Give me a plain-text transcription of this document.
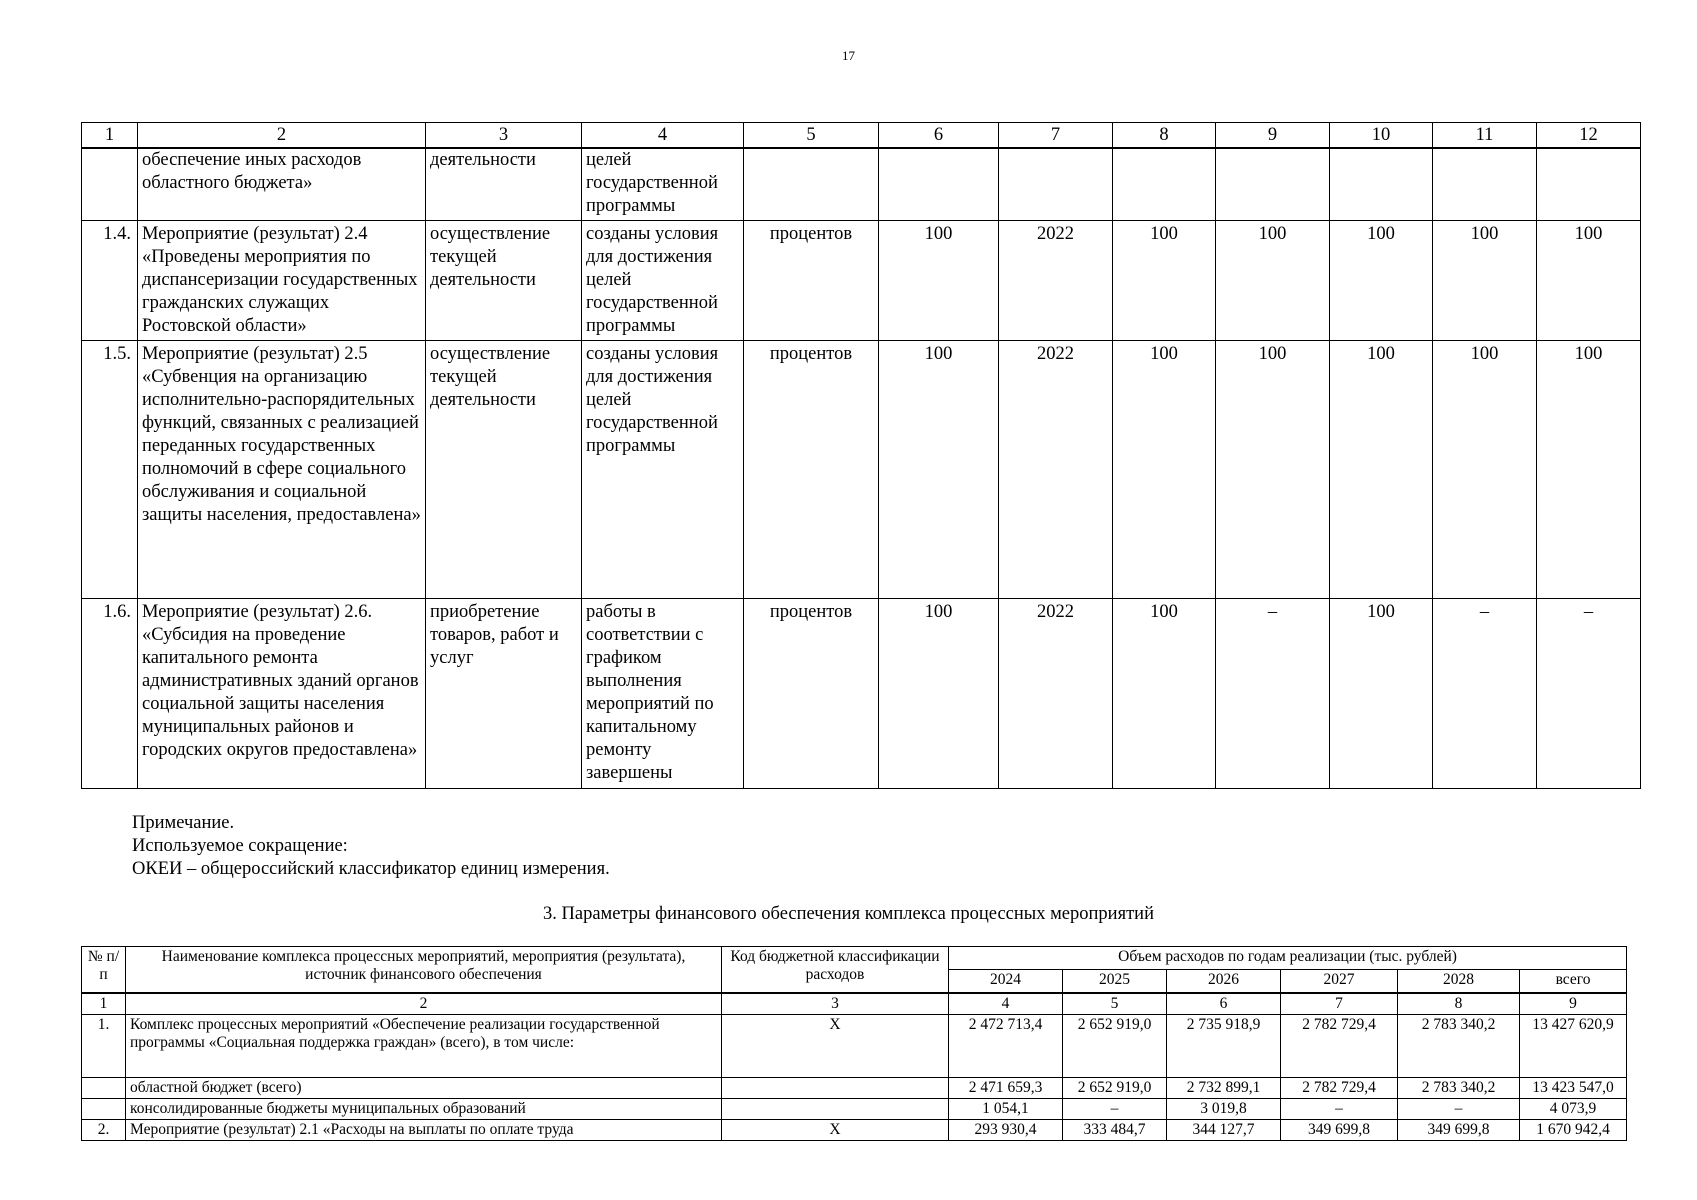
17
1	2	3	4	5	6	7	8	9	10	11	12
	обеспечение иных расходов областного бюджета»	деятельности	целей государственной программы								
1.4.	Мероприятие (результат) 2.4 «Проведены мероприятия по диспансеризации государственных гражданских служащих Ростовской области»	осуществление текущей деятельности	созданы условия для достижения целей государственной программы	процентов	100	2022	100	100	100	100	100
1.5.	Мероприятие (результат) 2.5 «Субвенция на организацию исполнительно-распорядительных функций, связанных с реализацией переданных государственных полномочий в сфере социального обслуживания и социальной защиты населения, предоставлена»	осуществление текущей деятельности	созданы условия для достижения целей государственной программы	процентов	100	2022	100	100	100	100	100
1.6.	Мероприятие (результат) 2.6. «Субсидия на проведение капитального ремонта административных зданий органов социальной защиты населения муниципальных районов и городских округов предоставлена»	приобретение товаров, работ и услуг	работы в соответствии с графиком выполнения мероприятий по капитальному ремонту завершены	процентов	100	2022	100	–	100	–	–
Примечание.
Используемое сокращение:
ОКЕИ – общероссийский классификатор единиц измерения.
3. Параметры финансового обеспечения комплекса процессных мероприятий
№ п/п	Наименование комплекса процессных мероприятий, мероприятия (результата), источник финансового обеспечения	Код бюджетной классификации расходов	Объем расходов по годам реализации (тыс. рублей)					
			2024	2025	2026	2027	2028	всего
1	2	3	4	5	6	7	8	9
1.	Комплекс процессных мероприятий «Обеспечение реализации государственной программы «Социальная поддержка граждан» (всего), в том числе:	Х	2 472 713,4	2 652 919,0	2 735 918,9	2 782 729,4	2 783 340,2	13 427 620,9
	областной бюджет (всего)		2 471 659,3	2 652 919,0	2 732 899,1	2 782 729,4	2 783 340,2	13 423 547,0
	консолидированные бюджеты муниципальных образований		1 054,1	–	3 019,8	–	–	4 073,9
2.	Мероприятие (результат) 2.1 «Расходы на выплаты по оплате труда	Х	293 930,4	333 484,7	344 127,7	349 699,8	349 699,8	1 670 942,4
